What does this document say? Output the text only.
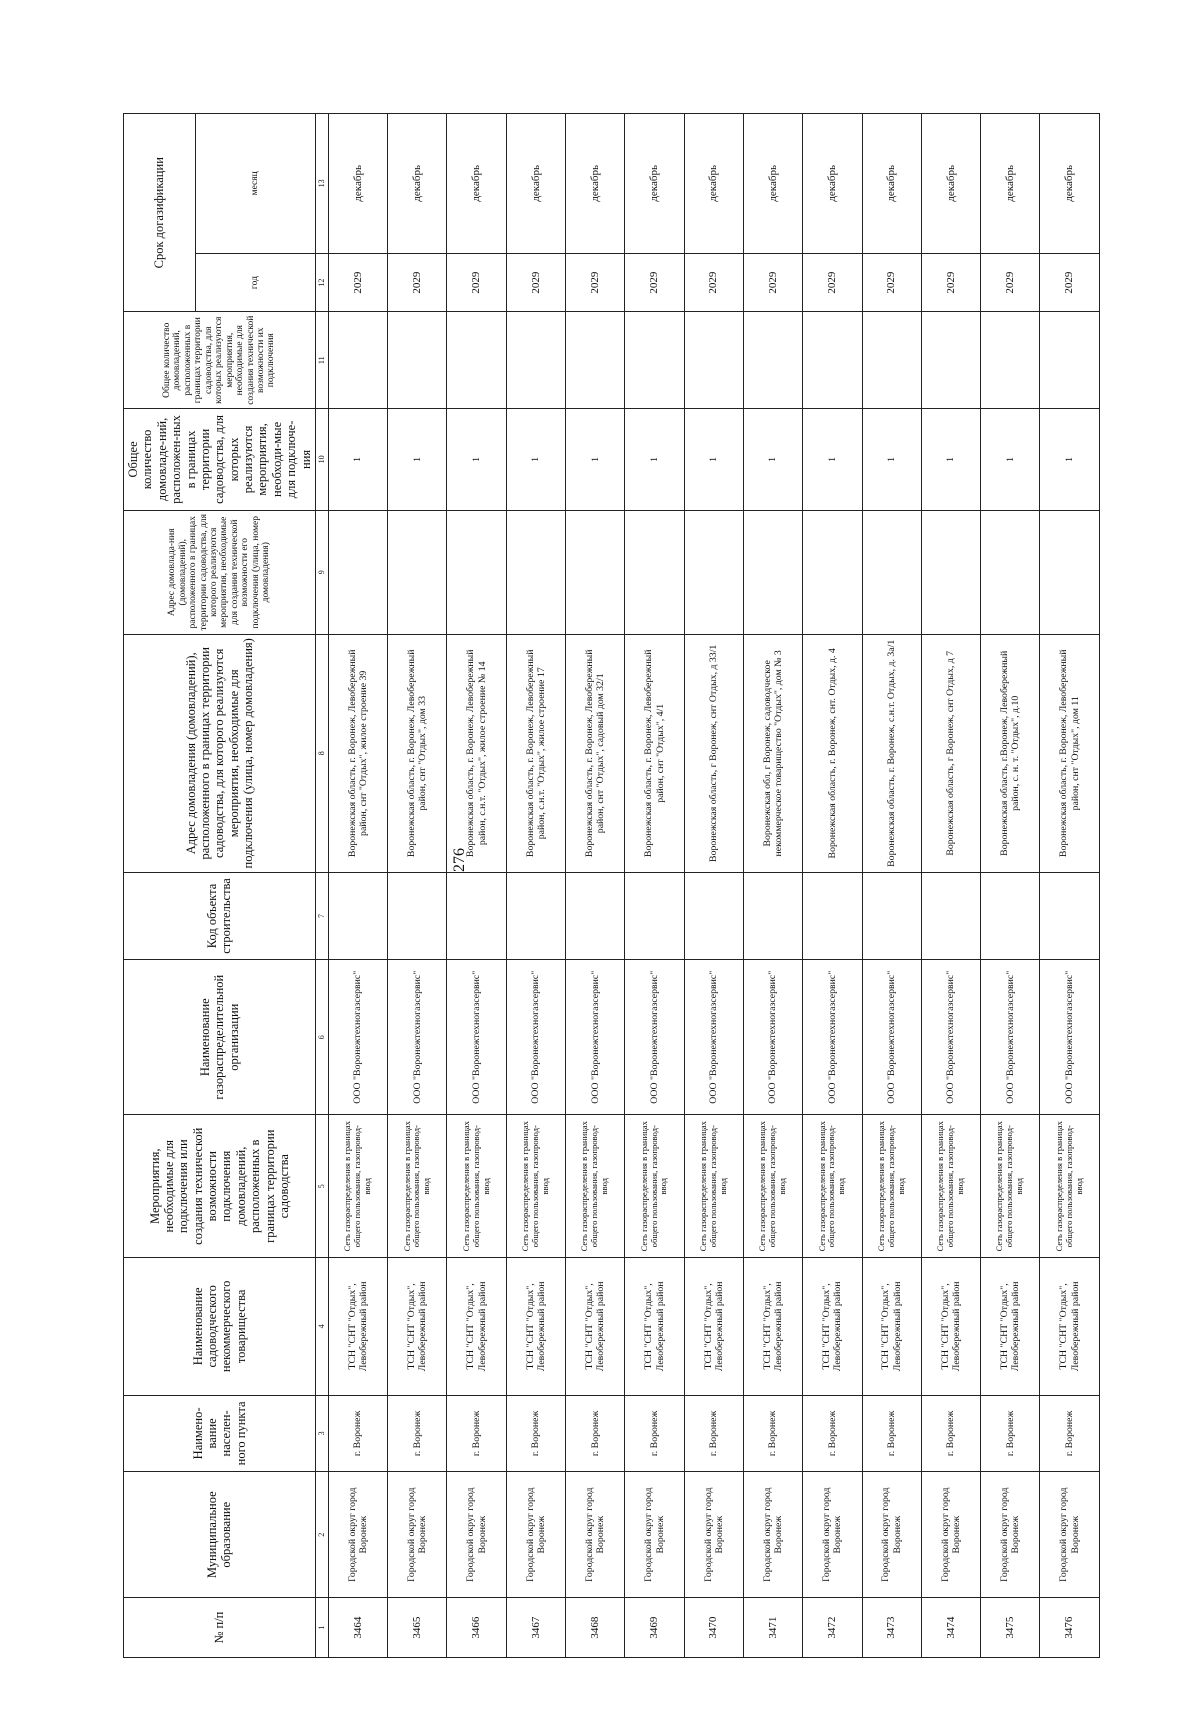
276
№ п/п	Муниципальное образование	Наимено-вание населен-ного пункта	Наименование садоводческого некоммерческого товарищества	Мероприятия, необходимые для подключения или создания технической возможности подключения домовладений, расположенных в границах территории садоводства	Наименование газораспределительной организации	Код объекта строительства	Адрес домовладения (домовладений), расположенного в границах территории садоводства, для которого реализуются мероприятия, необходимые для подключения (улица, номер домовладения)	Адрес домовлада-ния (домовладений), расположенного в границах территории садоводства, для которого реализуются мероприятия, необходимые для создания технической возможности его подключения (улица, номер домовладения)	Общее количество домовладе-ний, расположен-ных в границах территории садоводства, для которых реализуются мероприятия, необходи-мые для подключе-ния	Общее количество домовладений, расположенных в границах территории садоводства, для которых реализуются мероприятия, необходимые для создания технической возможности их подключения	Срок догазификации	
											год	месяц
1	2	3	4	5	6	7	8	9	10	11	12	13
3464	Городской округ город Воронеж	г. Воронеж	ТСН "СНТ "Отдых", Левобережный район	Сеть газораспределения в границах общего пользования, газопровод-ввод	ООО "Воронежтехногазсервис"		Воронежская область, г. Воронеж, Левобережный район, снт "Отдых", жилое строение 39		1		2029	декабрь
3465	Городской округ город Воронеж	г. Воронеж	ТСН "СНТ "Отдых", Левобережный район	Сеть газораспределения в границах общего пользования, газопровод-ввод	ООО "Воронежтехногазсервис"		Воронежская область, г. Воронеж, Левобережный район, снт "Отдых", дом 33		1		2029	декабрь
3466	Городской округ город Воронеж	г. Воронеж	ТСН "СНТ "Отдых", Левобережный район	Сеть газораспределения в границах общего пользования, газопровод-ввод	ООО "Воронежтехногазсервис"		Воронежская область, г. Воронеж, Левобережный район, с.н.т. "Отдых", жилое строение № 14		1		2029	декабрь
3467	Городской округ город Воронеж	г. Воронеж	ТСН "СНТ "Отдых", Левобережный район	Сеть газораспределения в границах общего пользования, газопровод-ввод	ООО "Воронежтехногазсервис"		Воронежская область, г. Воронеж, Левобережный район, с.н.т. "Отдых", жилое строение 17		1		2029	декабрь
3468	Городской округ город Воронеж	г. Воронеж	ТСН "СНТ "Отдых", Левобережный район	Сеть газораспределения в границах общего пользования, газопровод-ввод	ООО "Воронежтехногазсервис"		Воронежская область, г. Воронеж, Левобережный район, снт "Отдых", садовый дом 32/1		1		2029	декабрь
3469	Городской округ город Воронеж	г. Воронеж	ТСН "СНТ "Отдых", Левобережный район	Сеть газораспределения в границах общего пользования, газопровод-ввод	ООО "Воронежтехногазсервис"		Воронежская область, г. Воронеж, Левобережный район, снт "Отдых", 4/1		1		2029	декабрь
3470	Городской округ город Воронеж	г. Воронеж	ТСН "СНТ "Отдых", Левобережный район	Сеть газораспределения в границах общего пользования, газопровод-ввод	ООО "Воронежтехногазсервис"		Воронежская область, г Воронеж, снт Отдых, д 33/1		1		2029	декабрь
3471	Городской округ город Воронеж	г. Воронеж	ТСН "СНТ "Отдых", Левобережный район	Сеть газораспределения в границах общего пользования, газопровод-ввод	ООО "Воронежтехногазсервис"		Воронежская обл, г Воронеж, садоводческое некоммерческое товарищество "Отдых", дом № 3		1		2029	декабрь
3472	Городской округ город Воронеж	г. Воронеж	ТСН "СНТ "Отдых", Левобережный район	Сеть газораспределения в границах общего пользования, газопровод-ввод	ООО "Воронежтехногазсервис"		Воронежская область, г. Воронеж, снт. Отдых, д. 4		1		2029	декабрь
3473	Городской округ город Воронеж	г. Воронеж	ТСН "СНТ "Отдых", Левобережный район	Сеть газораспределения в границах общего пользования, газопровод-ввод	ООО "Воронежтехногазсервис"		Воронежская область, г. Воронеж, с.н.т. Отдых, д. 3а/1		1		2029	декабрь
3474	Городской округ город Воронеж	г. Воронеж	ТСН "СНТ "Отдых", Левобережный район	Сеть газораспределения в границах общего пользования, газопровод-ввод	ООО "Воронежтехногазсервис"		Воронежская область, г Воронеж, снт Отдых, д 7		1		2029	декабрь
3475	Городской округ город Воронеж	г. Воронеж	ТСН "СНТ "Отдых", Левобережный район	Сеть газораспределения в границах общего пользования, газопровод-ввод	ООО "Воронежтехногазсервис"		Воронежская область, г.Воронеж, Левобережный район, с. н. т. "Отдых", д.10		1		2029	декабрь
3476	Городской округ город Воронеж	г. Воронеж	ТСН "СНТ "Отдых", Левобережный район	Сеть газораспределения в границах общего пользования, газопровод-ввод	ООО "Воронежтехногазсервис"		Воронежская область, г. Воронеж, Левобережный район, снт "Отдых", дом 11		1		2029	декабрь
